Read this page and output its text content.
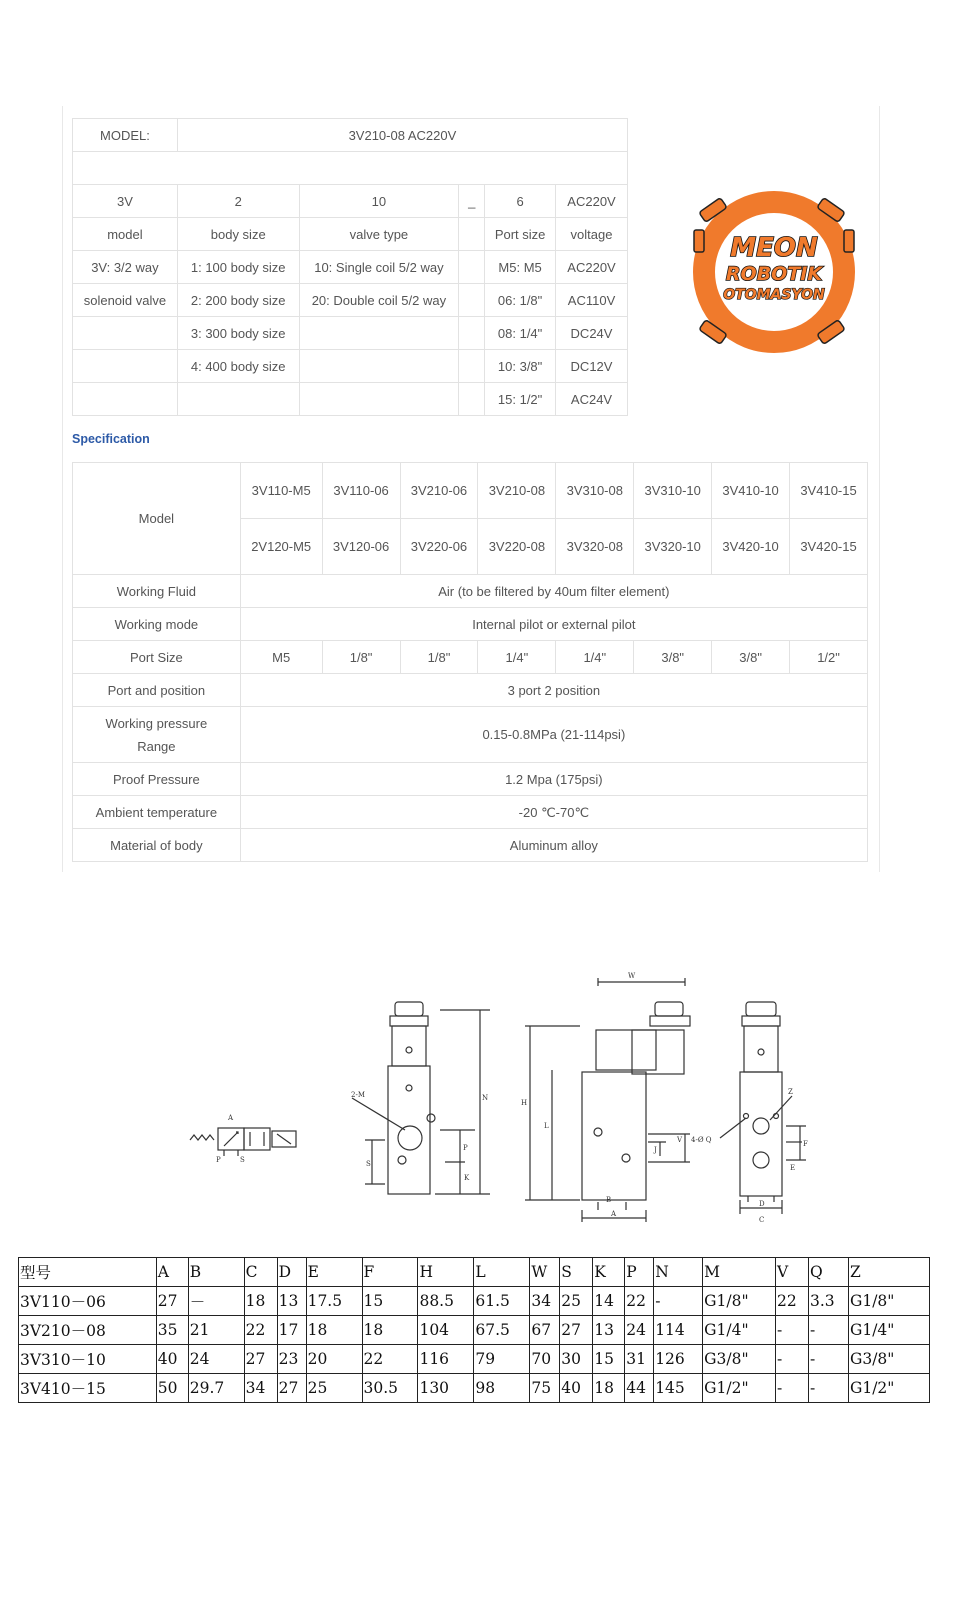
MODEL:	3V210-08 AC220V				

3V	2	10	_	6	AC220V
model	body size	valve type		Port size	voltage
3V: 3/2 way	1: 100 body size	10: Single coil 5/2 way		M5: M5	AC220V
solenoid valve	2: 200 body size	20: Double coil 5/2 way		06: 1/8"	AC110V
	3: 300 body size			08: 1/4"	DC24V
	4: 400 body size			10: 3/8"	DC12V
				15: 1/2"	AC24V
MEON
ROBOTIK
OTOMASYON
Specification
Model	3V110-M5	3V110-06	3V210-06	3V210-08	3V310-08	3V310-10	3V410-10	3V410-15
	2V120-M5	3V120-06	3V220-06	3V220-08	3V320-08	3V320-10	3V420-10	3V420-15
Working Fluid	Air (to be filtered by 40um filter element)							
Working mode	Internal pilot or external pilot							
Port Size	M5	1/8"	1/8"	1/4"	1/4"	3/8"	3/8"	1/2"
Port and position	3 port 2 position							
Working pressure
Range	0.15-0.8MPa (21-114psi)							
Proof Pressure	1.2 Mpa (175psi)							
Ambient temperature	-20 ℃-70℃							
Material of body	Aluminum alloy							
A
P	S
2-M	N
S
P
K
W
H
L
V
J
A
B
Z
4-Ø Q	F
E
D
C
型号	A	B	C	D	E	F	H	L	W	S	K	P	N	M	V	Q	Z
3V110－06	27	－	18	13	17.5	15	88.5	61.5	34	25	14	22	-	G1/8"	22	3.3	G1/8"
3V210－08	35	21	22	17	18	18	104	67.5	67	27	13	24	114	G1/4"	-	-	G1/4"
3V310－10	40	24	27	23	20	22	116	79	70	30	15	31	126	G3/8"	-	-	G3/8"
3V410－15	50	29.7	34	27	25	30.5	130	98	75	40	18	44	145	G1/2"	-	-	G1/2"
